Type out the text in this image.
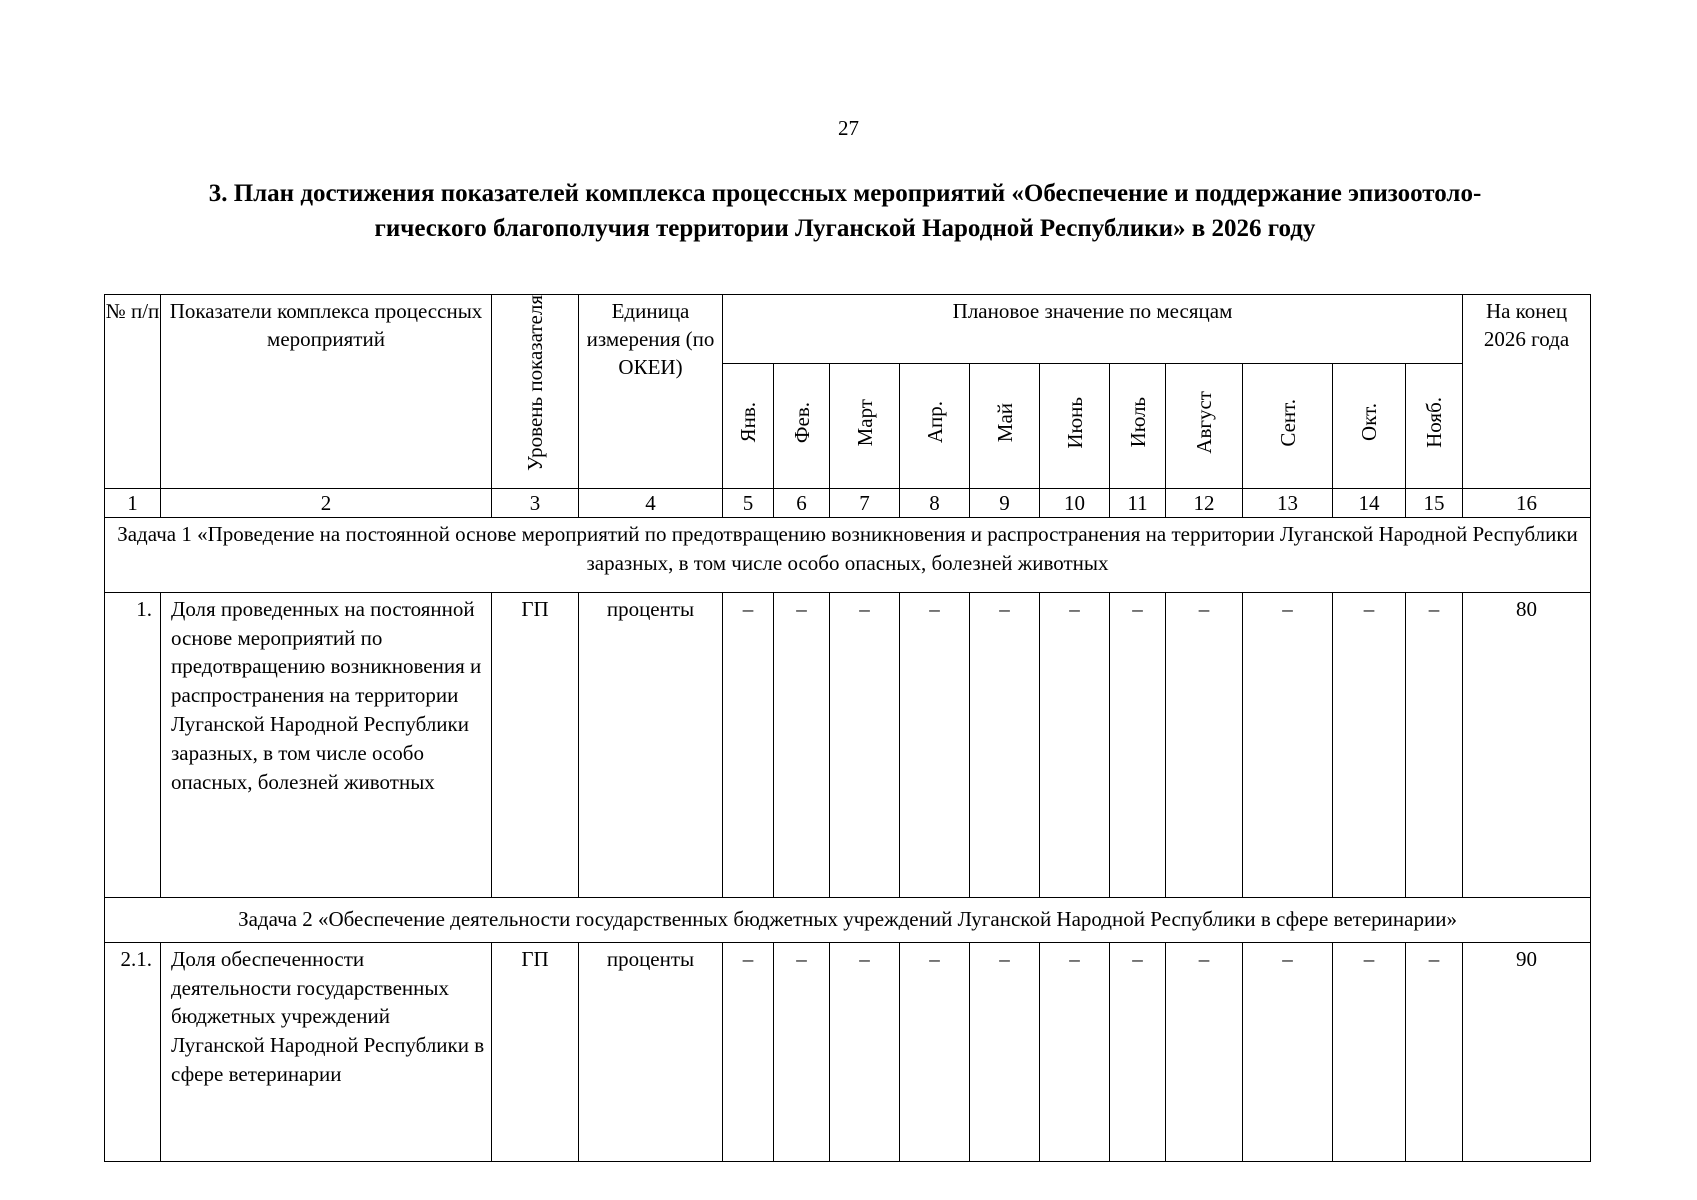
27
3. План достижения показателей комплекса процессных мероприятий «Обеспечение и поддержание эпизоотоло-
гического благополучия территории Луганской Народной Республики» в 2026 году
№ п/п	Показатели комплекса процессных мероприятий	Уровень показателя	Единица измерения (по ОКЕИ)	Плановое значение по месяцам											На конец 2026 года
				Янв.	Фев.	Март	Апр.	Май	Июнь	Июль	Август	Сент.	Окт.	Нояб.	
1	2	3	4	5	6	7	8	9	10	11	12	13	14	15	16
Задача 1 «Проведение на постоянной основе мероприятий по предотвращению возникновения и распространения на территории Луганской Народной Республики заразных, в том числе особо опасных, болезней животных															
1.	Доля проведенных на постоянной основе мероприятий по предотвращению возникновения и распространения на территории Луганской Народной Республики заразных, в том числе особо опасных, болезней животных	ГП	проценты	–	–	–	–	–	–	–	–	–	–	–	80
Задача 2 «Обеспечение деятельности государственных бюджетных учреждений Луганской Народной Республики в сфере ветеринарии»															
2.1.	Доля обеспеченности деятельности государственных бюджетных учреждений Луганской Народной Республики в сфере ветеринарии	ГП	проценты	–	–	–	–	–	–	–	–	–	–	–	90
